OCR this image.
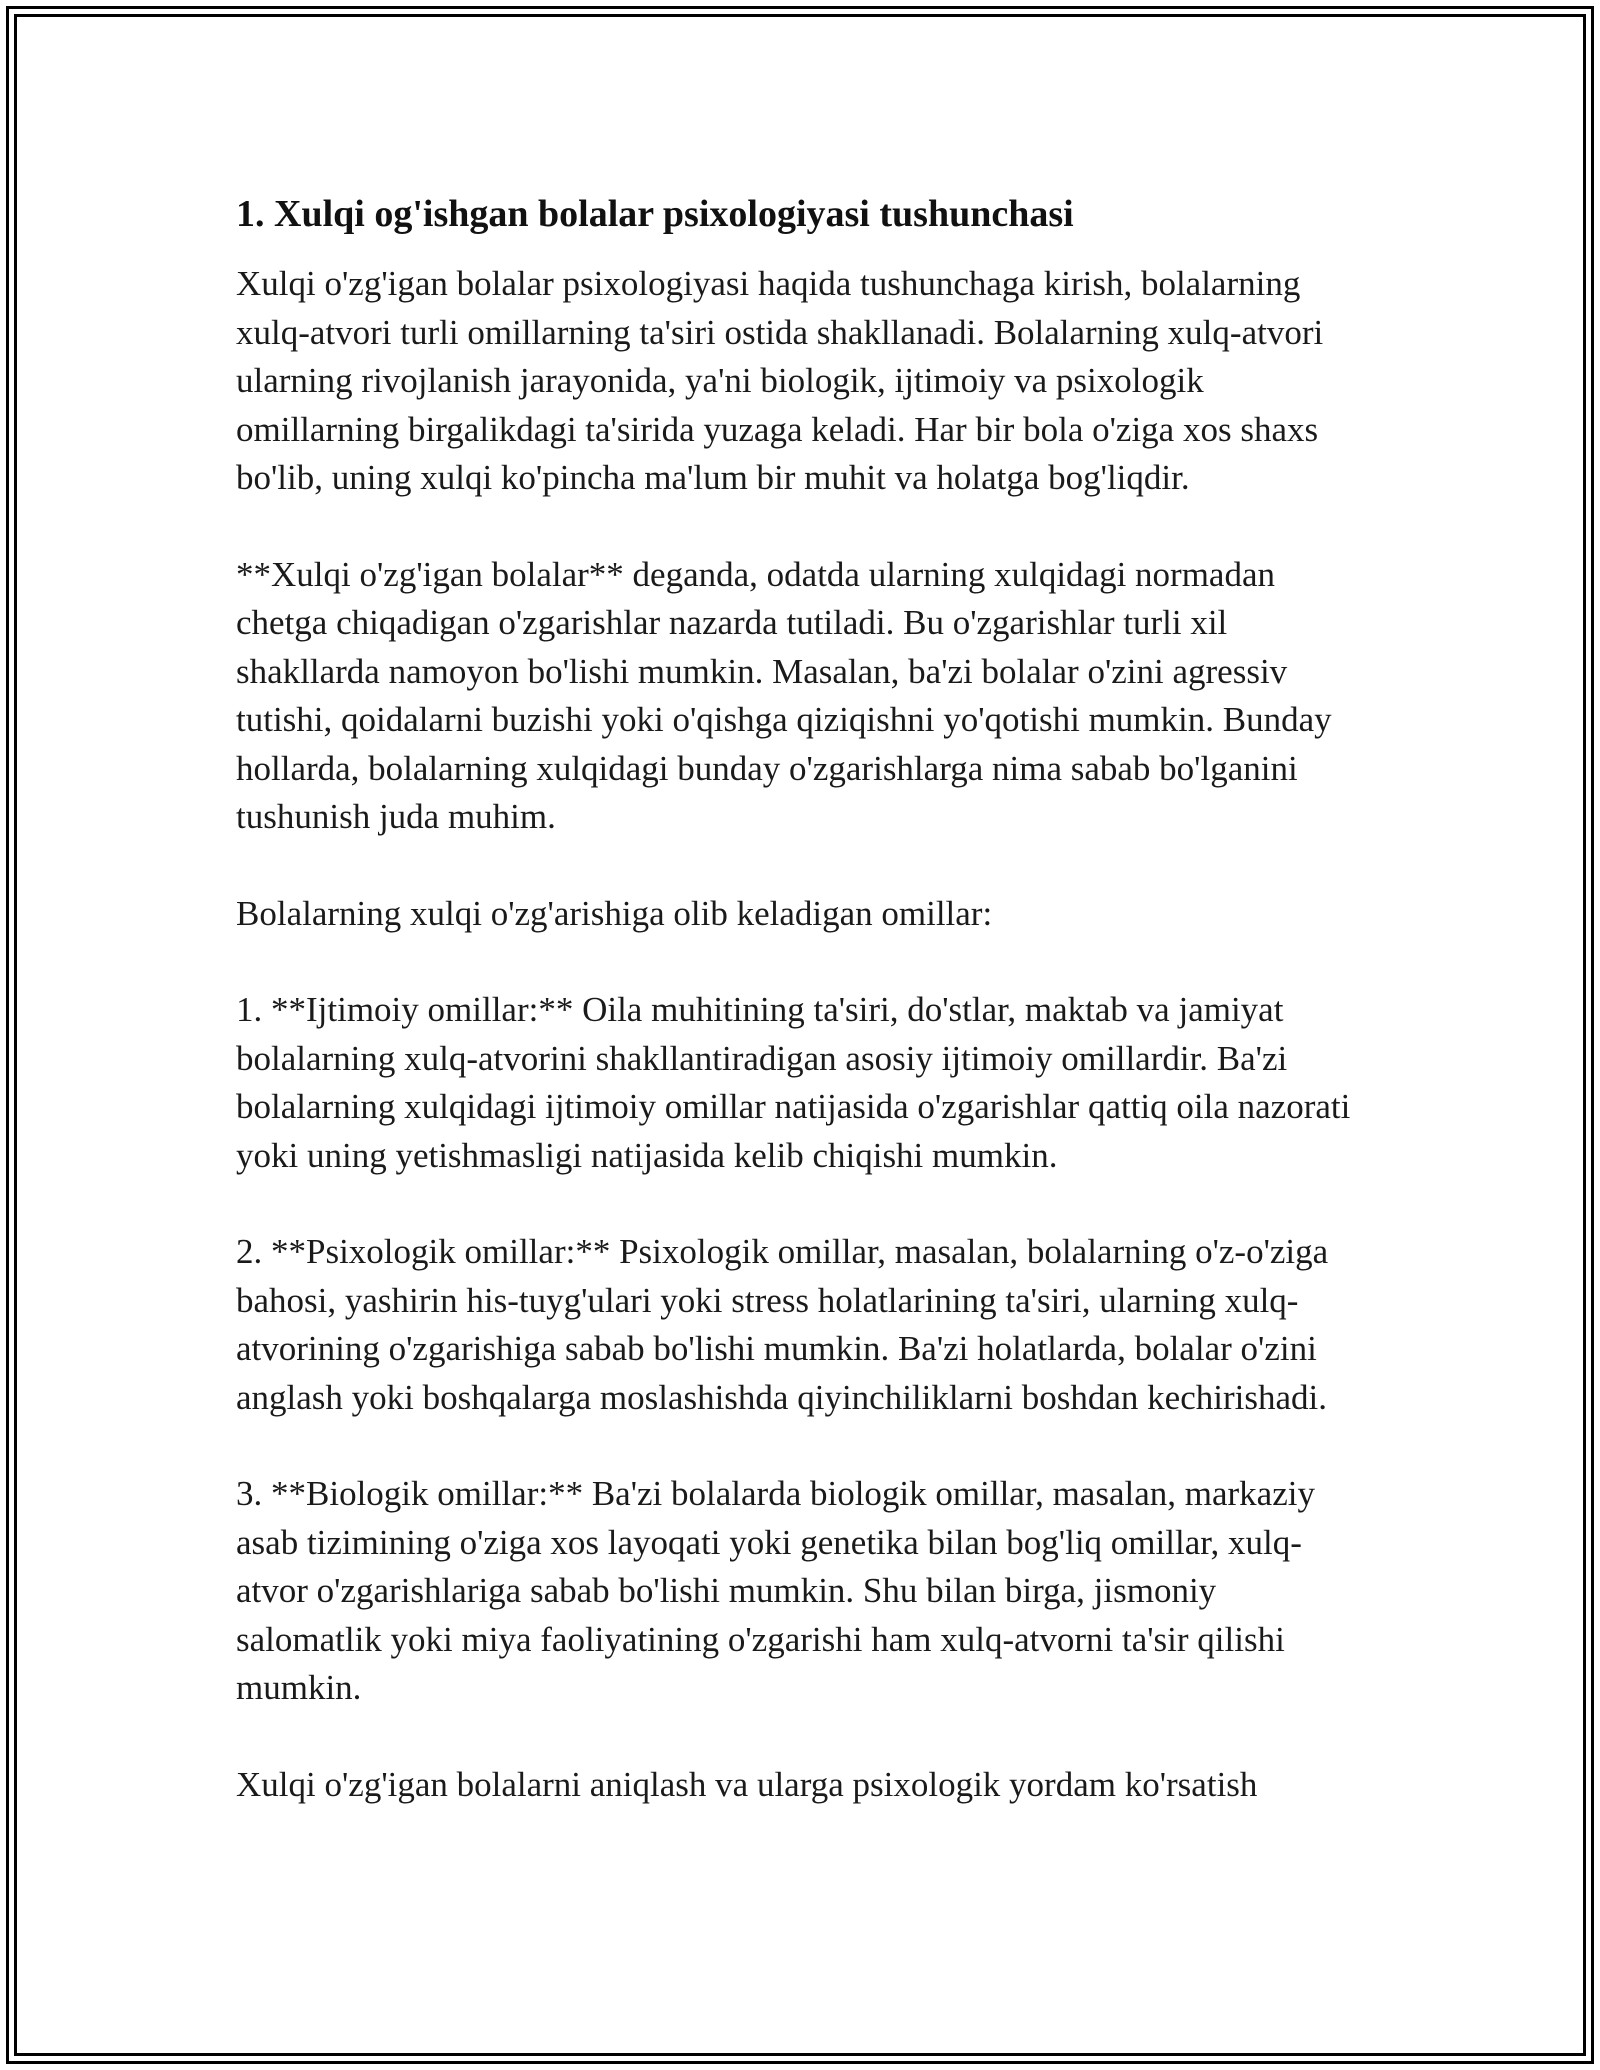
1. Xulqi og'ishgan bolalar psixologiyasi tushunchasi

Xulqi o'zg'igan bolalar psixologiyasi haqida tushunchaga kirish, bolalarning xulq-atvori turli omillarning ta'siri ostida shakllanadi. Bolalarning xulq-atvori ularning rivojlanish jarayonida, ya'ni biologik, ijtimoiy va psixologik omillarning birgalikdagi ta'sirida yuzaga keladi. Har bir bola o'ziga xos shaxs bo'lib, uning xulqi ko'pincha ma'lum bir muhit va holatga bog'liqdir.

**Xulqi o'zg'igan bolalar** deganda, odatda ularning xulqidagi normadan chetga chiqadigan o'zgarishlar nazarda tutiladi. Bu o'zgarishlar turli xil shakllarda namoyon bo'lishi mumkin. Masalan, ba'zi bolalar o'zini agressiv tutishi, qoidalarni buzishi yoki o'qishga qiziqishni yo'qotishi mumkin. Bunday hollarda, bolalarning xulqidagi bunday o'zgarishlarga nima sabab bo'lganini tushunish juda muhim.

Bolalarning xulqi o'zg'arishiga olib keladigan omillar:

1. **Ijtimoiy omillar:** Oila muhitining ta'siri, do'stlar, maktab va jamiyat bolalarning xulq-atvorini shakllantiradigan asosiy ijtimoiy omillardir. Ba'zi bolalarning xulqidagi ijtimoiy omillar natijasida o'zgarishlar qattiq oila nazorati yoki uning yetishmasligi natijasida kelib chiqishi mumkin.

2. **Psixologik omillar:** Psixologik omillar, masalan, bolalarning o'z-o'ziga bahosi, yashirin his-tuyg'ulari yoki stress holatlarining ta'siri, ularning xulq-atvorining o'zgarishiga sabab bo'lishi mumkin. Ba'zi holatlarda, bolalar o'zini anglash yoki boshqalarga moslashishda qiyinchiliklarni boshdan kechirishadi.

3. **Biologik omillar:** Ba'zi bolalarda biologik omillar, masalan, markaziy asab tizimining o'ziga xos layoqati yoki genetika bilan bog'liq omillar, xulq-atvor o'zgarishlariga sabab bo'lishi mumkin. Shu bilan birga, jismoniy salomatlik yoki miya faoliyatining o'zgarishi ham xulq-atvorni ta'sir qilishi mumkin.

Xulqi o'zg'igan bolalarni aniqlash va ularga psixologik yordam ko'rsatish
